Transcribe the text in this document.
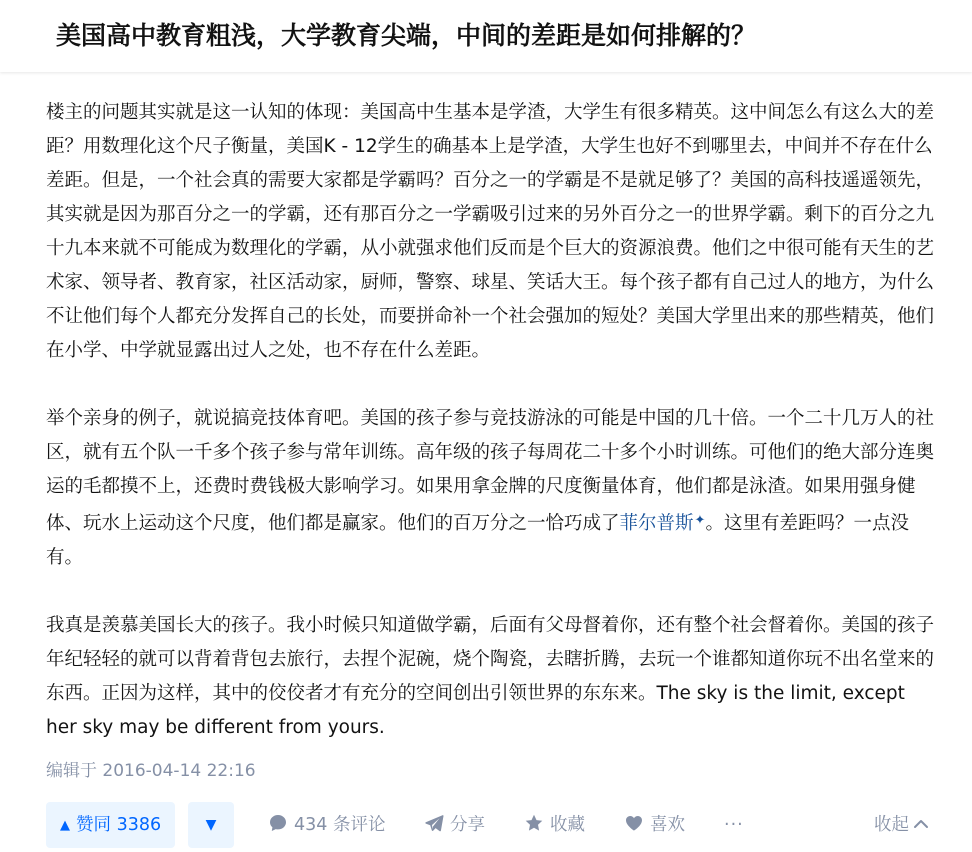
美国高中教育粗浅，大学教育尖端，中间的差距是如何排解的？

楼主的问题其实就是这一认知的体现：美国高中生基本是学渣，大学生有很多精英。这中间怎么有这么大的差距？用数理化这个尺子衡量，美国K - 12学生的确基本上是学渣，大学生也好不到哪里去，中间并不存在什么差距。但是，一个社会真的需要大家都是学霸吗？百分之一的学霸是不是就足够了？美国的高科技遥遥领先，其实就是因为那百分之一的学霸，还有那百分之一学霸吸引过来的另外百分之一的世界学霸。剩下的百分之九十九本来就不可能成为数理化的学霸，从小就强求他们反而是个巨大的资源浪费。他们之中很可能有天生的艺术家、领导者、教育家，社区活动家，厨师，警察、球星、笑话大王。每个孩子都有自己过人的地方，为什么不让他们每个人都充分发挥自己的长处，而要拼命补一个社会强加的短处？美国大学里出来的那些精英，他们在小学、中学就显露出过人之处，也不存在什么差距。

举个亲身的例子，就说搞竞技体育吧。美国的孩子参与竞技游泳的可能是中国的几十倍。一个二十几万人的社区，就有五个队一千多个孩子参与常年训练。高年级的孩子每周花二十多个小时训练。可他们的绝大部分连奥运的毛都摸不上，还费时费钱极大影响学习。如果用拿金牌的尺度衡量体育，他们都是泳渣。如果用强身健体、玩水上运动这个尺度，他们都是赢家。他们的百万分之一恰巧成了菲尔普斯✦。这里有差距吗？一点没有。

我真是羡慕美国长大的孩子。我小时候只知道做学霸，后面有父母督着你，还有整个社会督着你。美国的孩子年纪轻轻的就可以背着背包去旅行，去捏个泥碗，烧个陶瓷，去瞎折腾，去玩一个谁都知道你玩不出名堂来的东西。正因为这样，其中的佼佼者才有充分的空间创出引领世界的东东来。The sky is the limit, except her sky may be different from yours.

编辑于 2016-04-14 22:16
▲ 赞同 3386	▼	434 条评论	分享	收藏	喜欢 ···	收起
